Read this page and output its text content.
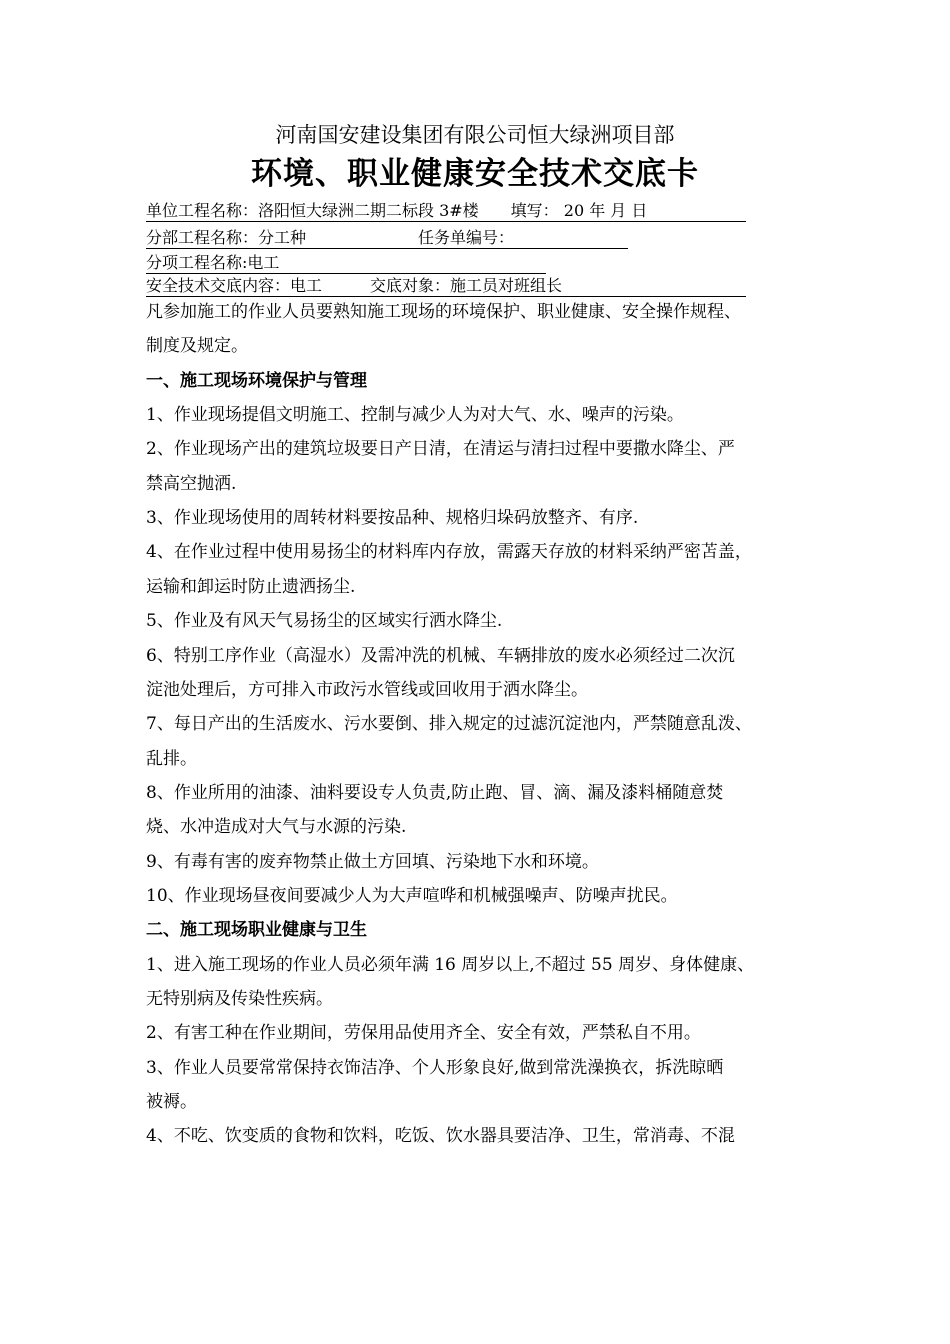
河南国安建设集团有限公司恒大绿洲项目部
环境、职业健康安全技术交底卡
单位工程名称：洛阳恒大绿洲二期二标段 3#楼　　填写： 20 年 月 日
分部工程名称：分工种　　　　　　　任务单编号：　　　　
分项工程名称:电工
安全技术交底内容：电工　　　交底对象：施工员对班组长
凡参加施工的作业人员要熟知施工现场的环境保护、职业健康、安全操作规程、
制度及规定。
一、施工现场环境保护与管理
1、作业现场提倡文明施工、控制与减少人为对大气、水、噪声的污染。
2、作业现场产出的建筑垃圾要日产日清，在清运与清扫过程中要撒水降尘、严
禁高空抛洒.
3、作业现场使用的周转材料要按品种、规格归垛码放整齐、有序.
4、在作业过程中使用易扬尘的材料库内存放，需露天存放的材料采纳严密苫盖，
运输和卸运时防止遗洒扬尘.
5、作业及有风天气易扬尘的区域实行洒水降尘.
6、特别工序作业（高湿水）及需冲洗的机械、车辆排放的废水必须经过二次沉
淀池处理后，方可排入市政污水管线或回收用于洒水降尘。
7、每日产出的生活废水、污水要倒、排入规定的过滤沉淀池内，严禁随意乱泼、
乱排。
8、作业所用的油漆、油料要设专人负责,防止跑、冒、滴、漏及漆料桶随意焚
烧、水冲造成对大气与水源的污染.
9、有毒有害的废弃物禁止做土方回填、污染地下水和环境。
10、作业现场昼夜间要减少人为大声喧哗和机械强噪声、防噪声扰民。
二、施工现场职业健康与卫生
1、进入施工现场的作业人员必须年满 16 周岁以上,不超过 55 周岁、身体健康、
无特别病及传染性疾病。
2、有害工种在作业期间，劳保用品使用齐全、安全有效，严禁私自不用。
3、作业人员要常常保持衣饰洁净、个人形象良好,做到常洗澡换衣，拆洗晾晒
被褥。
4、不吃、饮变质的食物和饮料，吃饭、饮水器具要洁净、卫生，常消毒、不混
